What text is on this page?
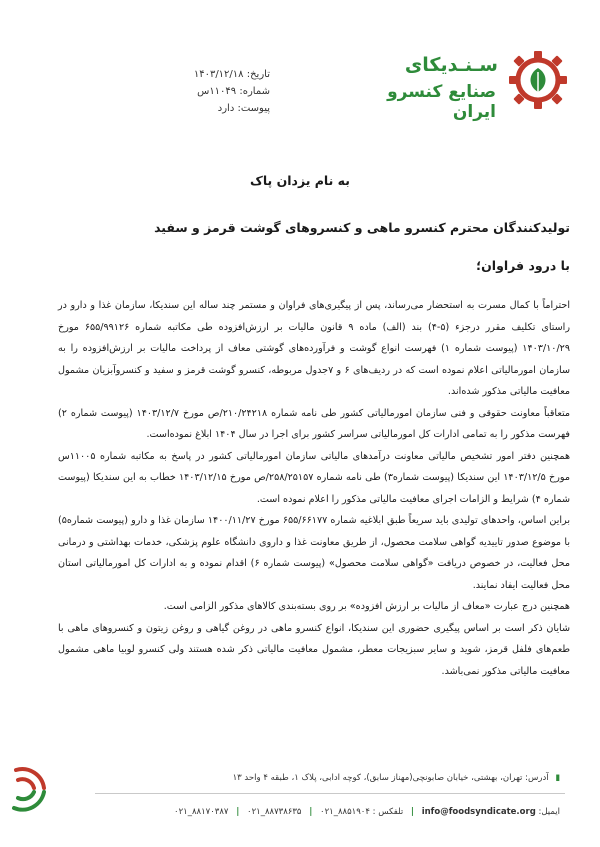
تاریخ: ۱۴۰۳/۱۲/۱۸
شماره: ۱۱۰۴۹س
پیوست: دارد
سـنـدیکای
صنایع کنسرو ایران
به نام یزدان پاک
تولیدکنندگان محترم کنسرو ماهی و کنسروهای گوشت قرمز و سفید
با درود فراوان؛

احتراماً با کمال مسرت به استحضار می‌رساند، پس از پیگیری‌های فراوان و مستمر چند ساله این سندیکا، سازمان غذا و دارو در راستای تکلیف مقرر درجزء (۵-۴) بند (الف) ماده ۹ قانون مالیات بر ارزش‌افزوده طی مکاتبه شماره ۶۵۵/۹۹۱۲۶ مورخ ۱۴۰۳/۱۰/۲۹ (پیوست شماره ۱) فهرست انواع گوشت و فرآورده‌های گوشتی معاف از پرداخت مالیات بر ارزش‌افزوده را به سازمان امورمالیاتی اعلام نموده است که در ردیف‌های ۶ و ۷جدول مربوطه، کنسرو گوشت قرمز و سفید و کنسروآبزیان مشمول معافیت مالیاتی مذکور شده‌اند.

متعاقباً معاونت حقوقی و فنی سازمان امورمالیاتی کشور طی نامه شماره ۲۱۰/۲۴۲۱۸/ص مورخ ۱۴۰۳/۱۲/۷ (پیوست شماره ۲) فهرست مذکور را به تمامی ادارات کل امورمالیاتی سراسر کشور برای اجرا در سال ۱۴۰۴ ابلاغ نموده‌است.

همچنین دفتر امور تشخیص مالیاتی معاونت درآمدهای مالیاتی سازمان امورمالیاتی کشور در پاسخ به مکاتبه شماره ۱۱۰۰۵س مورخ ۱۴۰۳/۱۲/۵ این سندیکا (پیوست شماره۳) طی نامه شماره ۲۵۸/۲۵۱۵۷/ص مورخ ۱۴۰۳/۱۲/۱۵ خطاب به این سندیکا (پیوست شماره ۴) شرایط و الزامات اجرای معافیت مالیاتی مذکور را اعلام نموده است.

براین اساس، واحدهای تولیدی باید سریعاً طبق ابلاغیه شماره ۶۵۵/۶۶۱۷۷ مورخ ۱۴۰۰/۱۱/۲۷ سازمان غذا و دارو (پیوست شماره۵) با موضوع صدور تاییدیه گواهی سلامت محصول، از طریق معاونت غذا و داروی دانشگاه علوم پزشکی، خدمات بهداشتی و درمانی محل فعالیت، در خصوص دریافت «گواهی سلامت محصول» (پیوست شماره ۶) اقدام نموده و به ادارات کل امورمالیاتی استان محل فعالیت ایفاد نمایند.

همچنین درج عبارت «معاف از مالیات بر ارزش افزوده» بر روی بسته‌بندی کالاهای مذکور الزامی است.

شایان ذکر است بر اساس پیگیری حضوری این سندیکا، انواع کنسرو ماهی در روغن گیاهی و روغن زیتون و کنسروهای ماهی با طعم‌های فلفل قرمز، شوید و سایر سبزیجات معطر، مشمول معافیت مالیاتی ذکر شده هستند ولی کنسرو لوبیا ماهی مشمول معافیت مالیاتی مذکور نمی‌باشد.

▮ آدرس: تهران، بهشتی، خیابان صابونچی(مهناز سابق)، کوچه ادابی، پلاک ۱، طبقه ۴ واحد ۱۳
ایمیل: info@foodsyndicate.org | تلفکس : ۰۲۱_۸۸۵۱۹۰۴ | ۰۲۱_۸۸۷۳۸۶۳۵ | ۰۲۱_۸۸۱۷۰۳۸۷
